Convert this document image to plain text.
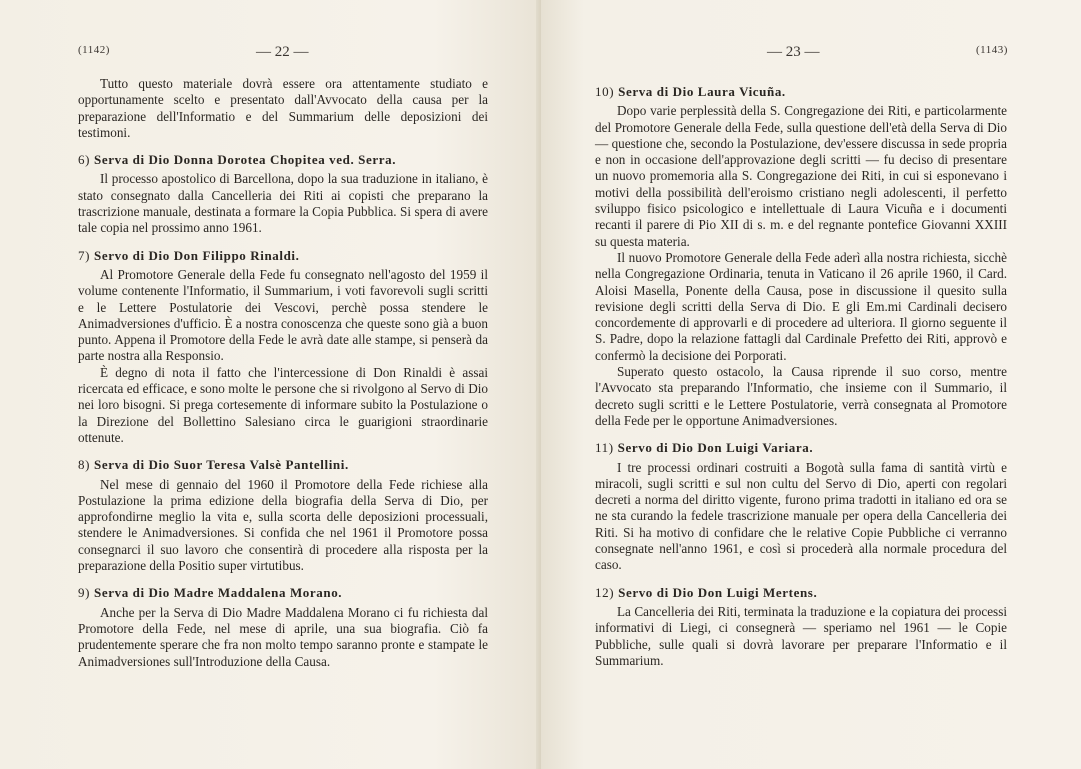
(1142)	— 22 —

Tutto questo materiale dovrà essere ora attentamente studiato e opportunamente scelto e presentato dall'Avvocato della causa per la preparazione dell'Informatio e del Summarium delle deposizioni dei testimoni.

6) Serva di Dio Donna Dorotea Chopitea ved. Serra.

Il processo apostolico di Barcellona, dopo la sua traduzione in italiano, è stato consegnato dalla Cancelleria dei Riti ai copisti che preparano la trascrizione manuale, destinata a formare la Copia Pubblica. Si spera di avere tale copia nel prossimo anno 1961.

7) Servo di Dio Don Filippo Rinaldi.

Al Promotore Generale della Fede fu consegnato nell'agosto del 1959 il volume contenente l'Informatio, il Summarium, i voti favorevoli sugli scritti e le Lettere Postulatorie dei Vescovi, perchè possa stendere le Animadversiones d'ufficio. È a nostra conoscenza che queste sono già a buon punto. Appena il Promotore della Fede le avrà date alle stampe, si penserà da parte nostra alla Responsio.

È degno di nota il fatto che l'intercessione di Don Rinaldi è assai ricercata ed efficace, e sono molte le persone che si rivolgono al Servo di Dio nei loro bisogni. Si prega cortesemente di informare subito la Postulazione o la Direzione del Bollettino Salesiano circa le guarigioni straordinarie ottenute.

8) Serva di Dio Suor Teresa Valsè Pantellini.

Nel mese di gennaio del 1960 il Promotore della Fede richiese alla Postulazione la prima edizione della biografia della Serva di Dio, per approfondirne meglio la vita e, sulla scorta delle deposizioni processuali, stendere le Animadversiones. Si confida che nel 1961 il Promotore possa consegnarci il suo lavoro che consentirà di procedere alla risposta per la preparazione della Positio super virtutibus.

9) Serva di Dio Madre Maddalena Morano.

Anche per la Serva di Dio Madre Maddalena Morano ci fu richiesta dal Promotore della Fede, nel mese di aprile, una sua biografia. Ciò fa prudentemente sperare che fra non molto tempo saranno pronte e stampate le Animadversiones sull'Introduzione della Causa.

— 23 —	(1143)

10) Serva di Dio Laura Vicuña.

Dopo varie perplessità della S. Congregazione dei Riti, e particolarmente del Promotore Generale della Fede, sulla questione dell'età della Serva di Dio — questione che, secondo la Postulazione, dev'essere discussa in sede propria e non in occasione dell'approvazione degli scritti — fu deciso di presentare un nuovo promemoria alla S. Congregazione dei Riti, in cui si esponevano i motivi della possibilità dell'eroismo cristiano negli adolescenti, il perfetto sviluppo fisico psicologico e intellettuale di Laura Vicuña e i documenti recanti il parere di Pio XII di s. m. e del regnante pontefice Giovanni XXIII su questa materia.

Il nuovo Promotore Generale della Fede aderì alla nostra richiesta, sicchè nella Congregazione Ordinaria, tenuta in Vaticano il 26 aprile 1960, il Card. Aloisi Masella, Ponente della Causa, pose in discussione il quesito sulla revisione degli scritti della Serva di Dio. E gli Em.mi Cardinali decisero concordemente di approvarli e di procedere ad ulteriora. Il giorno seguente il S. Padre, dopo la relazione fattagli dal Cardinale Prefetto dei Riti, approvò e confermò la decisione dei Porporati.

Superato questo ostacolo, la Causa riprende il suo corso, mentre l'Avvocato sta preparando l'Informatio, che insieme con il Summario, il decreto sugli scritti e le Lettere Postulatorie, verrà consegnata al Promotore della Fede per le opportune Animadversiones.

11) Servo di Dio Don Luigi Variara.

I tre processi ordinari costruiti a Bogotà sulla fama di santità virtù e miracoli, sugli scritti e sul non cultu del Servo di Dio, aperti con regolari decreti a norma del diritto vigente, furono prima tradotti in italiano ed ora se ne sta curando la fedele trascrizione manuale per opera della Cancelleria dei Riti. Si ha motivo di confidare che le relative Copie Pubbliche ci verranno consegnate nell'anno 1961, e così si procederà alla normale procedura del caso.

12) Servo di Dio Don Luigi Mertens.

La Cancelleria dei Riti, terminata la traduzione e la copiatura dei processi informativi di Liegi, ci consegnerà — speriamo nel 1961 — le Copie Pubbliche, sulle quali si dovrà lavorare per preparare l'Informatio e il Summarium.
